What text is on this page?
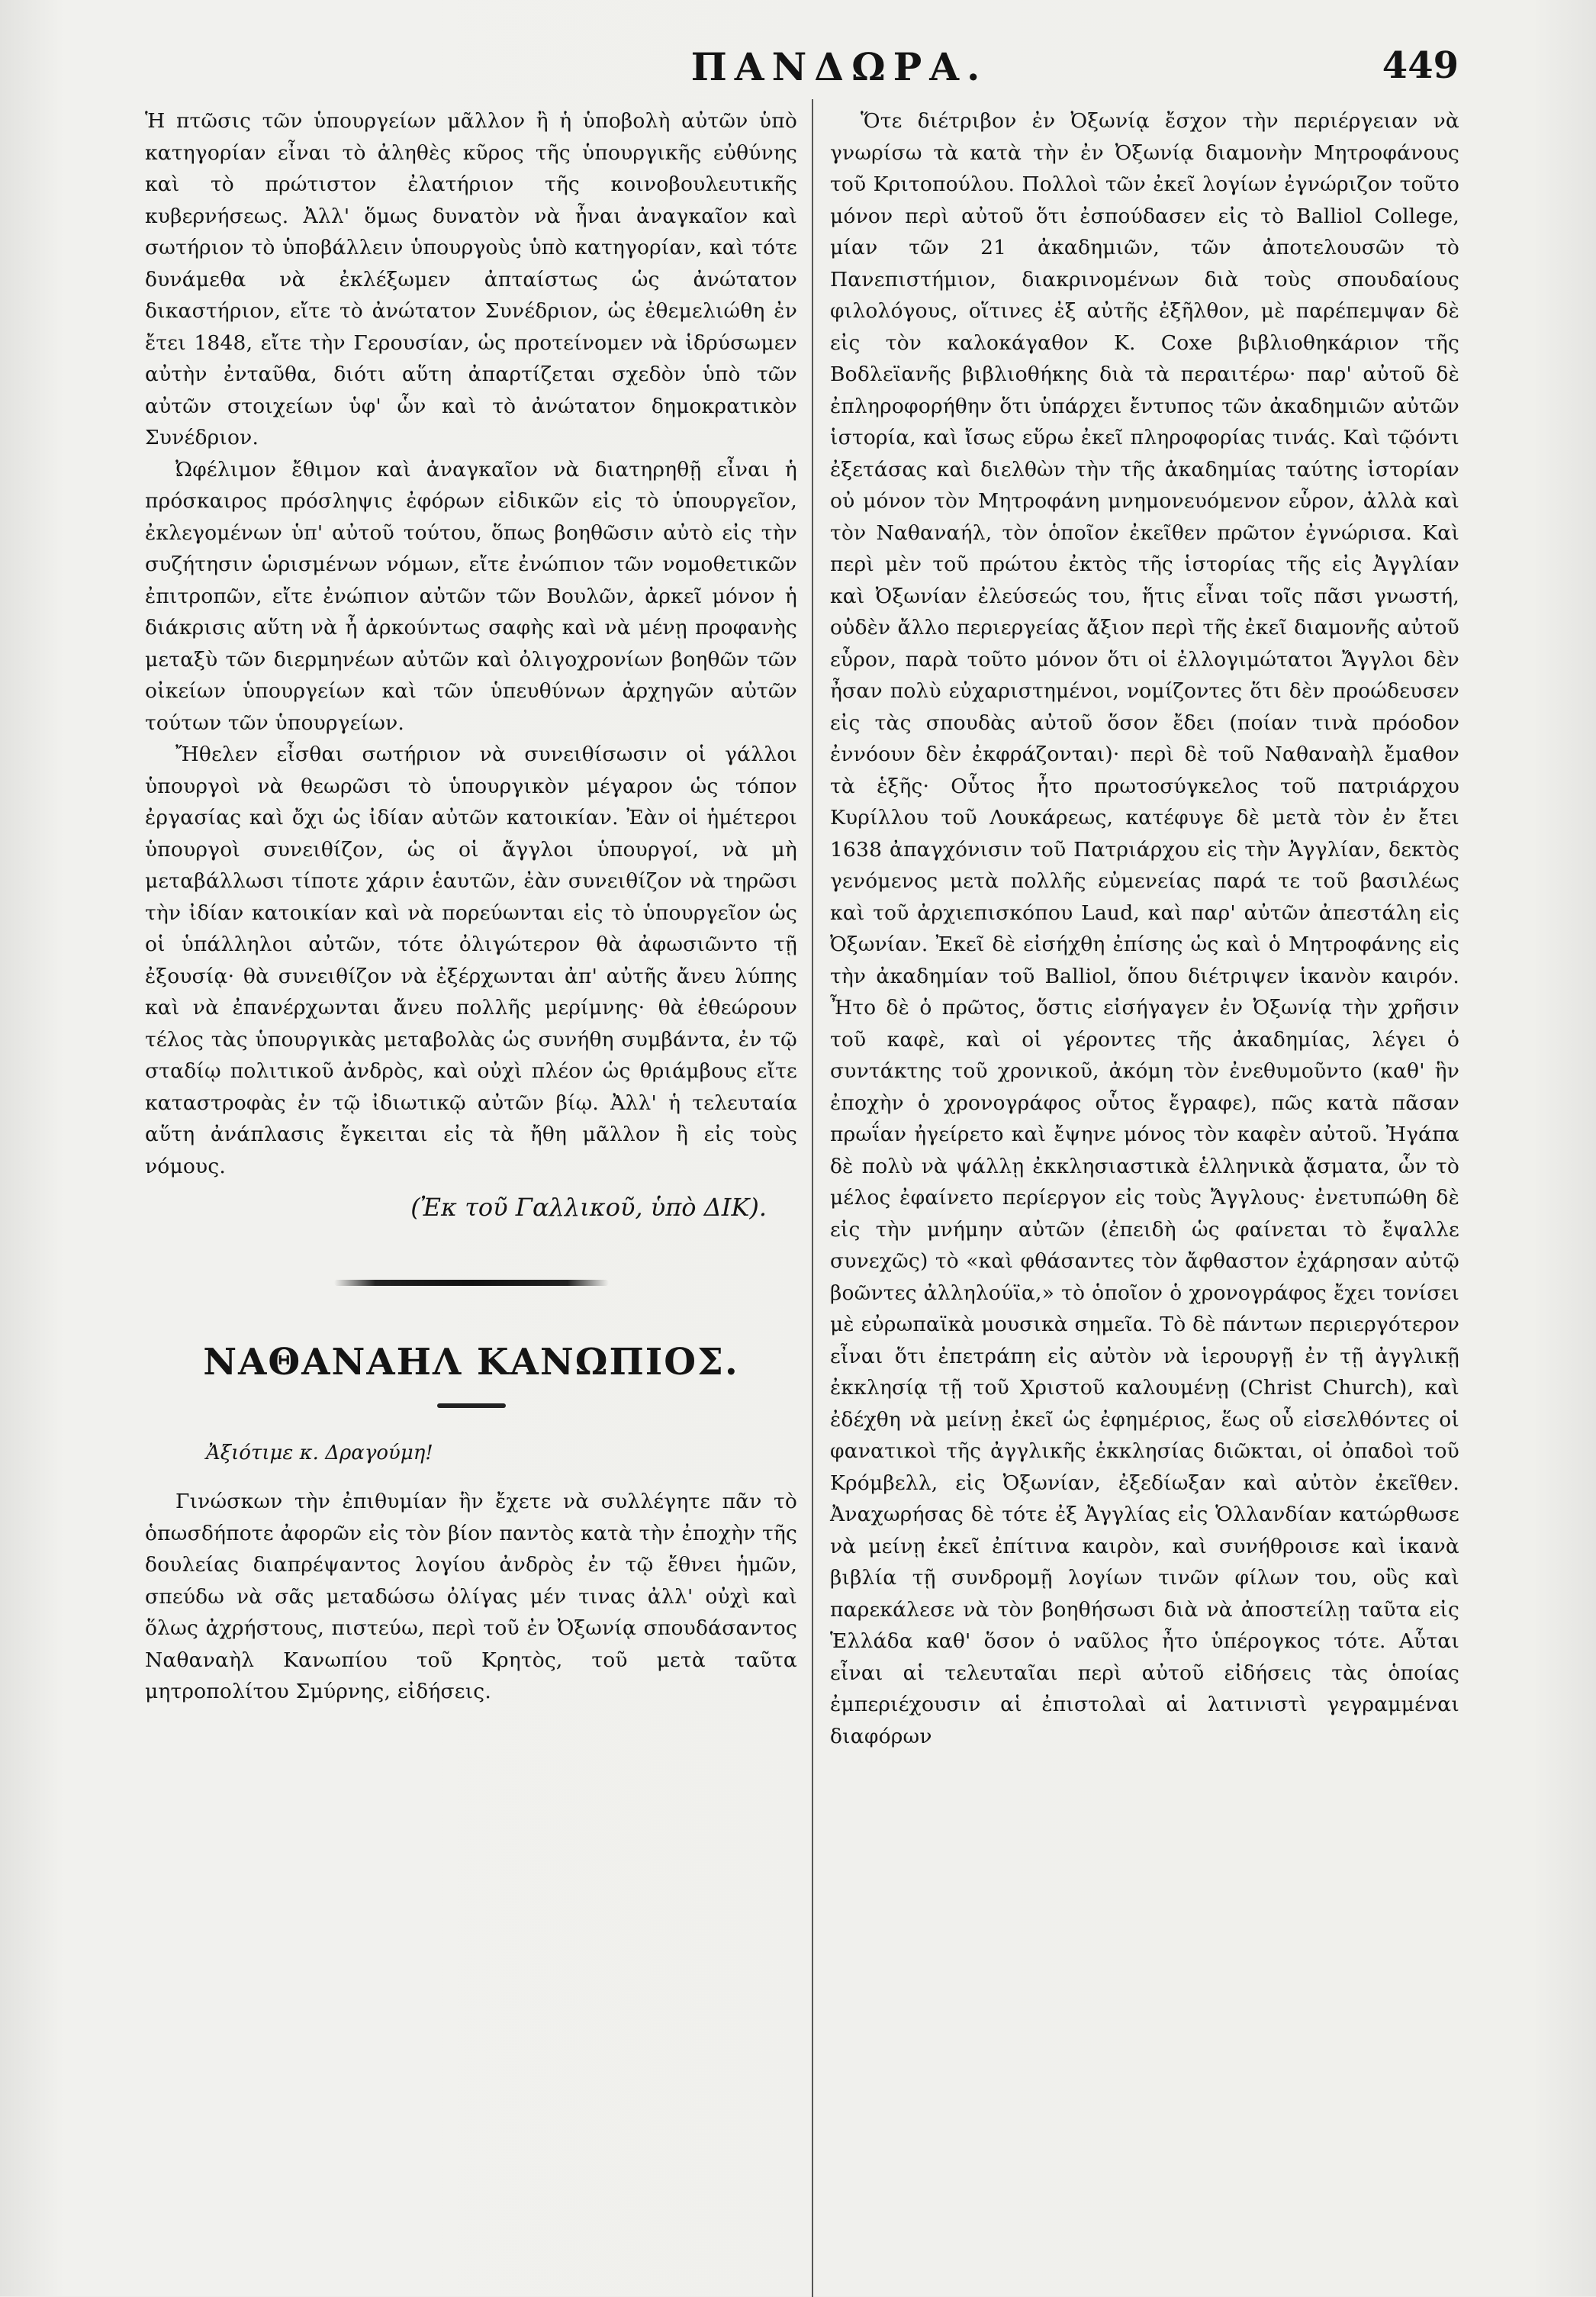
ΠΑΝΔΩΡΑ.	449

Ἡ πτῶσις τῶν ὑπουργείων μᾶλλον ἢ ἡ ὑποβολὴ αὐτῶν ὑπὸ κατηγορίαν εἶναι τὸ ἀληθὲς κῦρος τῆς ὑπουργικῆς εὐθύνης καὶ τὸ πρώτιστον ἐλατήριον τῆς κοινοβουλευτικῆς κυβερνήσεως. Ἀλλ' ὅμως δυνατὸν νὰ ἦναι ἀναγκαῖον καὶ σωτήριον τὸ ὑποβάλλειν ὑπουργοὺς ὑπὸ κατηγορίαν, καὶ τότε δυνάμεθα νὰ ἐκλέξωμεν ἀπταίστως ὡς ἀνώτατον δικαστήριον, εἴτε τὸ ἀνώτατον Συνέδριον, ὡς ἐθεμελιώθη ἐν ἔτει 1848, εἴτε τὴν Γερουσίαν, ὡς προτείνομεν νὰ ἱδρύσωμεν αὐτὴν ἐνταῦθα, διότι αὕτη ἀπαρτίζεται σχεδὸν ὑπὸ τῶν αὐτῶν στοιχείων ὑφ' ὧν καὶ τὸ ἀνώτατον δημοκρατικὸν Συνέδριον.

Ὠφέλιμον ἔθιμον καὶ ἀναγκαῖον νὰ διατηρηθῇ εἶναι ἡ πρόσκαιρος πρόσληψις ἐφόρων εἰδικῶν εἰς τὸ ὑπουργεῖον, ἐκλεγομένων ὑπ' αὐτοῦ τούτου, ὅπως βοηθῶσιν αὐτὸ εἰς τὴν συζήτησιν ὡρισμένων νόμων, εἴτε ἐνώπιον τῶν νομοθετικῶν ἐπιτροπῶν, εἴτε ἐνώπιον αὐτῶν τῶν Βουλῶν, ἀρκεῖ μόνον ἡ διάκρισις αὕτη νὰ ἦ ἀρκούντως σαφὴς καὶ νὰ μένῃ προφανὴς μεταξὺ τῶν διερμηνέων αὐτῶν καὶ ὀλιγοχρονίων βοηθῶν τῶν οἰκείων ὑπουργείων καὶ τῶν ὑπευθύνων ἀρχηγῶν αὐτῶν τούτων τῶν ὑπουργείων.

Ἤθελεν εἶσθαι σωτήριον νὰ συνειθίσωσιν οἱ γάλλοι ὑπουργοὶ νὰ θεωρῶσι τὸ ὑπουργικὸν μέγαρον ὡς τόπον ἐργασίας καὶ ὄχι ὡς ἰδίαν αὐτῶν κατοικίαν. Ἐὰν οἱ ἡμέτεροι ὑπουργοὶ συνειθίζον, ὡς οἱ ἄγγλοι ὑπουργοί, νὰ μὴ μεταβάλλωσι τίποτε χάριν ἑαυτῶν, ἐὰν συνειθίζον νὰ τηρῶσι τὴν ἰδίαν κατοικίαν καὶ νὰ πορεύωνται εἰς τὸ ὑπουργεῖον ὡς οἱ ὑπάλληλοι αὐτῶν, τότε ὀλιγώτερον θὰ ἀφωσιῶντο τῇ ἐξουσίᾳ· θὰ συνειθίζον νὰ ἐξέρχωνται ἀπ' αὐτῆς ἄνευ λύπης καὶ νὰ ἐπανέρχωνται ἄνευ πολλῆς μερίμνης· θὰ ἐθεώρουν τέλος τὰς ὑπουργικὰς μεταβολὰς ὡς συνήθη συμβάντα, ἐν τῷ σταδίῳ πολιτικοῦ ἀνδρὸς, καὶ οὐχὶ πλέον ὡς θριάμβους εἴτε καταστροφὰς ἐν τῷ ἰδιωτικῷ αὐτῶν βίῳ. Ἀλλ' ἡ τελευταία αὕτη ἀνάπλασις ἔγκειται εἰς τὰ ἤθη μᾶλλον ἢ εἰς τοὺς νόμους.

(Ἐκ τοῦ Γαλλικοῦ, ὑπὸ ΔΙΚ).

ΝΑΘΑΝΑΗΛ ΚΑΝΩΠΙΟΣ.

Ἀξιότιμε κ. Δραγούμη!

Γινώσκων τὴν ἐπιθυμίαν ἣν ἔχετε νὰ συλλέγητε πᾶν τὸ ὁπωσδήποτε ἀφορῶν εἰς τὸν βίον παντὸς κατὰ τὴν ἐποχὴν τῆς δουλείας διαπρέψαντος λογίου ἀνδρὸς ἐν τῷ ἔθνει ἡμῶν, σπεύδω νὰ σᾶς μεταδώσω ὀλίγας μέν τινας ἀλλ' οὐχὶ καὶ ὅλως ἀχρήστους, πιστεύω, περὶ τοῦ ἐν Ὀξωνίᾳ σπουδάσαντος Ναθαναὴλ Κανωπίου τοῦ Κρητὸς, τοῦ μετὰ ταῦτα μητροπολίτου Σμύρνης, εἰδήσεις.

Ὅτε διέτριβον ἐν Ὀξωνίᾳ ἔσχον τὴν περιέργειαν νὰ γνωρίσω τὰ κατὰ τὴν ἐν Ὀξωνίᾳ διαμονὴν Μητροφάνους τοῦ Κριτοπούλου. Πολλοὶ τῶν ἐκεῖ λογίων ἐγνώριζον τοῦτο μόνον περὶ αὐτοῦ ὅτι ἐσπούδασεν εἰς τὸ Balliol College, μίαν τῶν 21 ἀκαδημιῶν, τῶν ἀποτελουσῶν τὸ Πανεπιστήμιον, διακρινομένων διὰ τοὺς σπουδαίους φιλολόγους, οἵτινες ἐξ αὐτῆς ἐξῆλθον, μὲ παρέπεμψαν δὲ εἰς τὸν καλοκάγαθον Κ. Coxe βιβλιοθηκάριον τῆς Βοδλεϊανῆς βιβλιοθήκης διὰ τὰ περαιτέρω· παρ' αὐτοῦ δὲ ἐπληροφορήθην ὅτι ὑπάρχει ἔντυπος τῶν ἀκαδημιῶν αὐτῶν ἱστορία, καὶ ἴσως εὕρω ἐκεῖ πληροφορίας τινάς. Καὶ τῷόντι ἐξετάσας καὶ διελθὼν τὴν τῆς ἀκαδημίας ταύτης ἱστορίαν οὐ μόνον τὸν Μητροφάνη μνημονευόμενον εὗρον, ἀλλὰ καὶ τὸν Ναθαναήλ, τὸν ὁποῖον ἐκεῖθεν πρῶτον ἐγνώρισα. Καὶ περὶ μὲν τοῦ πρώτου ἐκτὸς τῆς ἱστορίας τῆς εἰς Ἀγγλίαν καὶ Ὀξωνίαν ἐλεύσεώς του, ἥτις εἶναι τοῖς πᾶσι γνωστή, οὐδὲν ἄλλο περιεργείας ἄξιον περὶ τῆς ἐκεῖ διαμονῆς αὐτοῦ εὗρον, παρὰ τοῦτο μόνον ὅτι οἱ ἐλλογιμώτατοι Ἄγγλοι δὲν ἦσαν πολὺ εὐχαριστημένοι, νομίζοντες ὅτι δὲν προώδευσεν εἰς τὰς σπουδὰς αὐτοῦ ὅσον ἔδει (ποίαν τινὰ πρόοδον ἐννόουν δὲν ἐκφράζονται)· περὶ δὲ τοῦ Ναθαναὴλ ἔμαθον τὰ ἑξῆς· Οὗτος ἦτο πρωτοσύγκελος τοῦ πατριάρχου Κυρίλλου τοῦ Λουκάρεως, κατέφυγε δὲ μετὰ τὸν ἐν ἔτει 1638 ἀπαγχόνισιν τοῦ Πατριάρχου εἰς τὴν Ἀγγλίαν, δεκτὸς γενόμενος μετὰ πολλῆς εὐμενείας παρά τε τοῦ βασιλέως καὶ τοῦ ἀρχιεπισκόπου Laud, καὶ παρ' αὐτῶν ἀπεστάλη εἰς Ὀξωνίαν. Ἐκεῖ δὲ εἰσήχθη ἐπίσης ὡς καὶ ὁ Μητροφάνης εἰς τὴν ἀκαδημίαν τοῦ Balliol, ὅπου διέτριψεν ἱκανὸν καιρόν. Ἦτο δὲ ὁ πρῶτος, ὅστις εἰσήγαγεν ἐν Ὀξωνίᾳ τὴν χρῆσιν τοῦ καφὲ, καὶ οἱ γέροντες τῆς ἀκαδημίας, λέγει ὁ συντάκτης τοῦ χρονικοῦ, ἀκόμη τὸν ἐνεθυμοῦντο (καθ' ἣν ἐποχὴν ὁ χρονογράφος οὗτος ἔγραφε), πῶς κατὰ πᾶσαν πρωΐαν ἠγείρετο καὶ ἔψηνε μόνος τὸν καφὲν αὐτοῦ. Ἠγάπα δὲ πολὺ νὰ ψάλλῃ ἐκκλησιαστικὰ ἑλληνικὰ ᾄσματα, ὧν τὸ μέλος ἐφαίνετο περίεργον εἰς τοὺς Ἄγγλους· ἐνετυπώθη δὲ εἰς τὴν μνήμην αὐτῶν (ἐπειδὴ ὡς φαίνεται τὸ ἔψαλλε συνεχῶς) τὸ «καὶ φθάσαντες τὸν ἄφθαστον ἐχάρησαν αὐτῷ βοῶντες ἀλληλούϊα,» τὸ ὁποῖον ὁ χρονογράφος ἔχει τονίσει μὲ εὐρωπαϊκὰ μουσικὰ σημεῖα. Τὸ δὲ πάντων περιεργότερον εἶναι ὅτι ἐπετράπη εἰς αὐτὸν νὰ ἱερουργῇ ἐν τῇ ἀγγλικῇ ἐκκλησίᾳ τῇ τοῦ Χριστοῦ καλουμένῃ (Christ Church), καὶ ἐδέχθη νὰ μείνῃ ἐκεῖ ὡς ἐφημέριος, ἕως οὗ εἰσελθόντες οἱ φανατικοὶ τῆς ἀγγλικῆς ἐκκλησίας διῶκται, οἱ ὀπαδοὶ τοῦ Κρόμβελλ, εἰς Ὀξωνίαν, ἐξεδίωξαν καὶ αὐτὸν ἐκεῖθεν. Ἀναχωρήσας δὲ τότε ἐξ Ἀγγλίας εἰς Ὁλλανδίαν κατώρθωσε νὰ μείνῃ ἐκεῖ ἐπίτινα καιρὸν, καὶ συνήθροισε καὶ ἱκανὰ βιβλία τῇ συνδρομῇ λογίων τινῶν φίλων του, οὓς καὶ παρεκάλεσε νὰ τὸν βοηθήσωσι διὰ νὰ ἀποστείλῃ ταῦτα εἰς Ἑλλάδα καθ' ὅσον ὁ ναῦλος ἦτο ὑπέρογκος τότε. Αὗται εἶναι αἱ τελευταῖαι περὶ αὐτοῦ εἰδήσεις τὰς ὁποίας ἐμπεριέχουσιν αἱ ἐπιστολαὶ αἱ λατινιστὶ γεγραμμέναι διαφόρων
